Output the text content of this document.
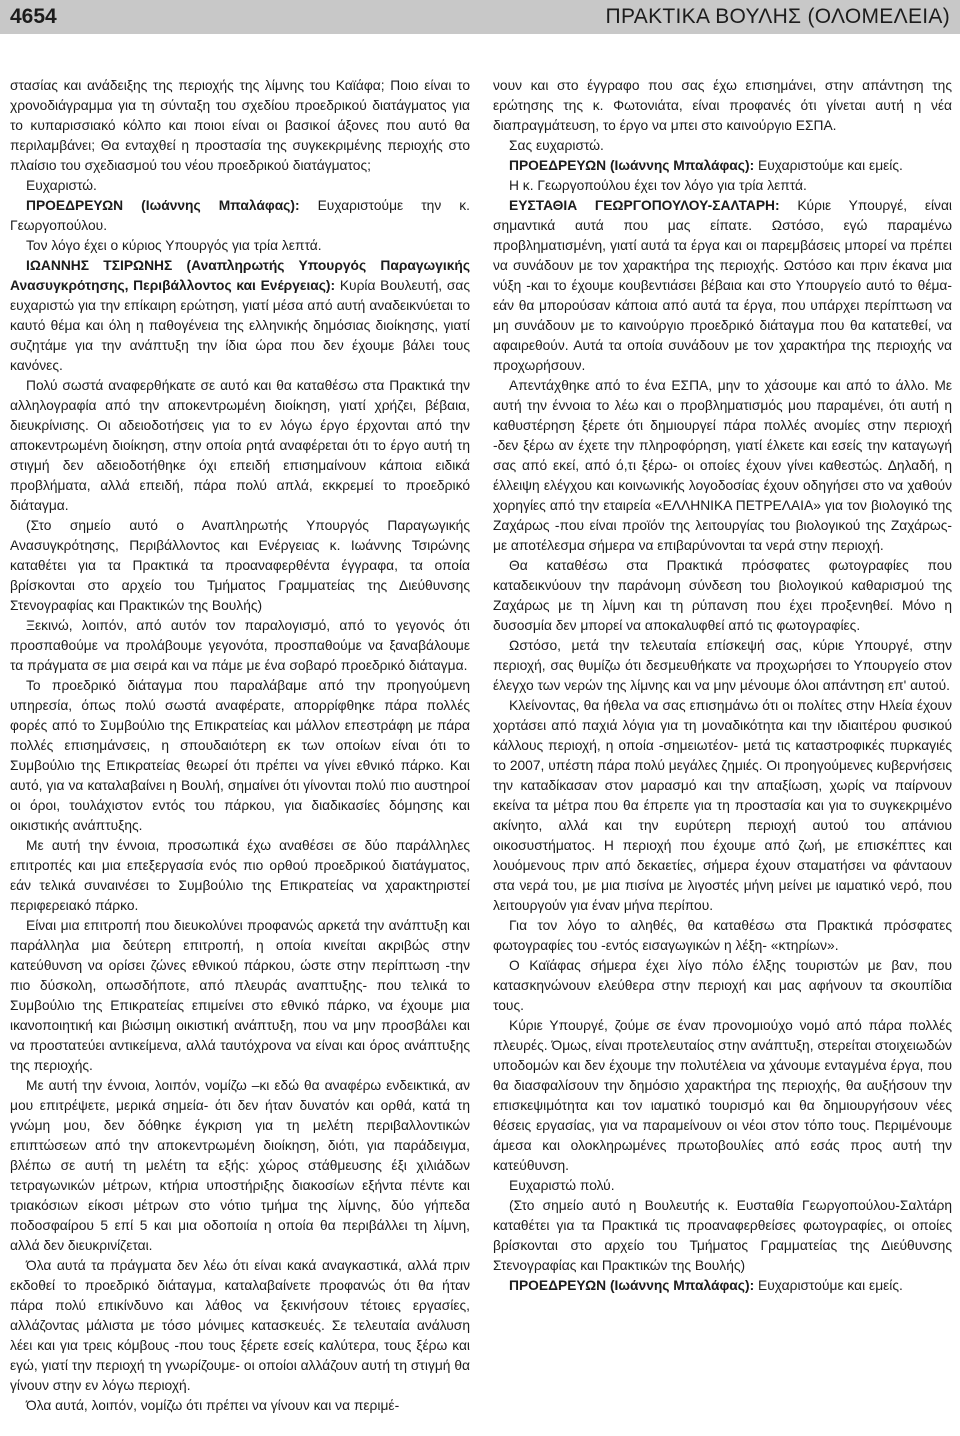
4654	ΠΡΑΚΤΙΚΑ ΒΟΥΛΗΣ (ΟΛΟΜΕΛΕΙΑ)

στασίας και ανάδειξης της περιοχής της λίμνης του Καϊάφα; Ποιο είναι το χρονοδιάγραμμα για τη σύνταξη του σχεδίου προεδρικού διατάγματος για το κυπαρισσιακό κόλπο και ποιοι είναι οι βασικοί άξονες που αυτό θα περιλαμβάνει; Θα ενταχθεί η προστασία της συγκεκριμένης περιοχής στο πλαίσιο του σχεδιασμού του νέου προεδρικού διατάγματος;

Ευχαριστώ.

ΠΡΟΕΔΡΕΥΩΝ (Ιωάννης Μπαλάφας): Ευχαριστούμε την κ. Γεωργοπούλου.

Τον λόγο έχει ο κύριος Υπουργός για τρία λεπτά.

ΙΩΑΝΝΗΣ ΤΣΙΡΩΝΗΣ (Αναπληρωτής Υπουργός Παραγωγικής Ανασυγκρότησης, Περιβάλλοντος και Ενέργειας): Κυρία Βουλευτή, σας ευχαριστώ για την επίκαιρη ερώτηση, γιατί μέσα από αυτή αναδεικνύεται το καυτό θέμα και όλη η παθογένεια της ελληνικής δημόσιας διοίκησης, γιατί συζητάμε για την ανάπτυξη την ίδια ώρα που δεν έχουμε βάλει τους κανόνες.

Πολύ σωστά αναφερθήκατε σε αυτό και θα καταθέσω στα Πρακτικά την αλληλογραφία από την αποκεντρωμένη διοίκηση, γιατί χρήζει, βέβαια, διευκρίνισης. Οι αδειοδοτήσεις για το εν λόγω έργο έρχονται από την αποκεντρωμένη διοίκηση, στην οποία ρητά αναφέρεται ότι το έργο αυτή τη στιγμή δεν αδειοδοτήθηκε όχι επειδή επισημαίνουν κάποια ειδικά προβλήματα, αλλά επειδή, πάρα πολύ απλά, εκκρεμεί το προεδρικό διάταγμα.

(Στο σημείο αυτό ο Αναπληρωτής Υπουργός Παραγωγικής Ανασυγκρότησης, Περιβάλλοντος και Ενέργειας κ. Ιωάννης Τσιρώνης καταθέτει για τα Πρακτικά τα προαναφερθέντα έγγραφα, τα οποία βρίσκονται στο αρχείο του Τμήματος Γραμματείας της Διεύθυνσης Στενογραφίας και Πρακτικών της Βουλής)

Ξεκινώ, λοιπόν, από αυτόν τον παραλογισμό, από το γεγονός ότι προσπαθούμε να προλάβουμε γεγονότα, προσπαθούμε να ξαναβάλουμε τα πράγματα σε μια σειρά και να πάμε με ένα σοβαρό προεδρικό διάταγμα.

Το προεδρικό διάταγμα που παραλάβαμε από την προηγούμενη υπηρεσία, όπως πολύ σωστά αναφέρατε, απορρίφθηκε πάρα πολλές φορές από το Συμβούλιο της Επικρατείας και μάλλον επεστράφη με πάρα πολλές επισημάνσεις, η σπουδαιότερη εκ των οποίων είναι ότι το Συμβούλιο της Επικρατείας θεωρεί ότι πρέπει να γίνει εθνικό πάρκο. Και αυτό, για να καταλαβαίνει η Βουλή, σημαίνει ότι γίνονται πολύ πιο αυστηροί οι όροι, τουλάχιστον εντός του πάρκου, για διαδικασίες δόμησης και οικιστικής ανάπτυξης.

Με αυτή την έννοια, προσωπικά έχω αναθέσει σε δύο παράλληλες επιτροπές και μια επεξεργασία ενός πιο ορθού προεδρικού διατάγματος, εάν τελικά συναινέσει το Συμβούλιο της Επικρατείας να χαρακτηριστεί περιφερειακό πάρκο.

Είναι μια επιτροπή που διευκολύνει προφανώς αρκετά την ανάπτυξη και παράλληλα μια δεύτερη επιτροπή, η οποία κινείται ακριβώς στην κατεύθυνση να ορίσει ζώνες εθνικού πάρκου, ώστε στην περίπτωση -την πιο δύσκολη, οπωσδήποτε, από πλευράς αναπτυξης- που τελικά το Συμβούλιο της Επικρατείας επιμείνει στο εθνικό πάρκο, να έχουμε μια ικανοποιητική και βιώσιμη οικιστική ανάπτυξη, που να μην προσβάλει και να προστατεύει αντικείμενα, αλλά ταυτόχρονα να είναι και όρος ανάπτυξης της περιοχής.

Με αυτή την έννοια, λοιπόν, νομίζω –κι εδώ θα αναφέρω ενδεικτικά, αν μου επιτρέψετε, μερικά σημεία- ότι δεν ήταν δυνατόν και ορθά, κατά τη γνώμη μου, δεν δόθηκε έγκριση για τη μελέτη περιβαλλοντικών επιπτώσεων από την αποκεντρωμένη διοίκηση, διότι, για παράδειγμα, βλέπω σε αυτή τη μελέτη τα εξής: χώρος στάθμευσης έξι χιλιάδων τετραγωνικών μέτρων, κτήρια υποστήριξης διακοσίων εξήντα πέντε και τριακόσιων είκοσι μέτρων στο νότιο τμήμα της λίμνης, δύο γήπεδα ποδοσφαίρου 5 επί 5 και μια οδοποιία η οποία θα περιβάλλει τη λίμνη, αλλά δεν διευκρινίζεται.

Όλα αυτά τα πράγματα δεν λέω ότι είναι κακά αναγκαστικά, αλλά πριν εκδοθεί το προεδρικό διάταγμα, καταλαβαίνετε προφανώς ότι θα ήταν πάρα πολύ επικίνδυνο και λάθος να ξεκινήσουν τέτοιες εργασίες, αλλάζοντας μάλιστα με τόσο μόνιμες κατασκευές. Σε τελευταία ανάλυση λέει και για τρεις κόμβους -που τους ξέρετε εσείς καλύτερα, τους ξέρω και εγώ, γιατί την περιοχή τη γνωρίζουμε- οι οποίοι αλλάζουν αυτή τη στιγμή θα γίνουν στην εν λόγω περιοχή.

Όλα αυτά, λοιπόν, νομίζω ότι πρέπει να γίνουν και να περιμέ-

νουν και στο έγγραφο που σας έχω επισημάνει, στην απάντηση της ερώτησης της κ. Φωτονιάτα, είναι προφανές ότι γίνεται αυτή η νέα διαπραγμάτευση, το έργο να μπει στο καινούργιο ΕΣΠΑ.

Σας ευχαριστώ.

ΠΡΟΕΔΡΕΥΩΝ (Ιωάννης Μπαλάφας): Ευχαριστούμε και εμείς.

Η κ. Γεωργοπούλου έχει τον λόγο για τρία λεπτά.

ΕΥΣΤΑΘΙΑ ΓΕΩΡΓΟΠΟΥΛΟΥ-ΣΑΛΤΑΡΗ: Κύριε Υπουργέ, είναι σημαντικά αυτά που μας είπατε. Ωστόσο, εγώ παραμένω προβληματισμένη, γιατί αυτά τα έργα και οι παρεμβάσεις μπορεί να πρέπει να συνάδουν με τον χαρακτήρα της περιοχής. Ωστόσο και πριν έκανα μια νύξη -και το έχουμε κουβεντιάσει βέβαια και στο Υπουργείο αυτό το θέμα- εάν θα μπορούσαν κάποια από αυτά τα έργα, που υπάρχει περίπτωση να μη συνάδουν με το καινούργιο προεδρικό διάταγμα που θα κατατεθεί, να αφαιρεθούν. Αυτά τα οποία συνάδουν με τον χαρακτήρα της περιοχής να προχωρήσουν.

Απεντάχθηκε από το ένα ΕΣΠΑ, μην το χάσουμε και από το άλλο. Με αυτή την έννοια το λέω και ο προβληματισμός μου παραμένει, ότι αυτή η καθυστέρηση ξέρετε ότι δημιουργεί πάρα πολλές ανομίες στην περιοχή -δεν ξέρω αν έχετε την πληροφόρηση, γιατί έλκετε και εσείς την καταγωγή σας από εκεί, από ό,τι ξέρω- οι οποίες έχουν γίνει καθεστώς. Δηλαδή, η έλλειψη ελέγχου και κοινωνικής λογοδοσίας έχουν οδηγήσει στο να χαθούν χορηγίες από την εταιρεία «ΕΛΛΗΝΙΚΑ ΠΕΤΡΕΛΑΙΑ» για τον βιολογικό της Ζαχάρως -που είναι προϊόν της λειτουργίας του βιολογικού της Ζαχάρως- με αποτέλεσμα σήμερα να επιβαρύνονται τα νερά στην περιοχή.

Θα καταθέσω στα Πρακτικά πρόσφατες φωτογραφίες που καταδεικνύουν την παράνομη σύνδεση του βιολογικού καθαρισμού της Ζαχάρως με τη λίμνη και τη ρύπανση που έχει προξενηθεί. Μόνο η δυσοσμία δεν μπορεί να αποκαλυφθεί από τις φωτογραφίες.

Ωστόσο, μετά την τελευταία επίσκεψή σας, κύριε Υπουργέ, στην περιοχή, σας θυμίζω ότι δεσμευθήκατε να προχωρήσει το Υπουργείο στον έλεγχο των νερών της λίμνης και να μην μένουμε όλοι απάντηση επ' αυτού.

Κλείνοντας, θα ήθελα να σας επισημάνω ότι οι πολίτες στην Ηλεία έχουν χορτάσει από παχιά λόγια για τη μοναδικότητα και την ιδιαιτέρου φυσικού κάλλους περιοχή, η οποία -σημειωτέον- μετά τις καταστροφικές πυρκαγιές το 2007, υπέστη πάρα πολύ μεγάλες ζημιές. Οι προηγούμενες κυβερνήσεις την καταδίκασαν στον μαρασμό και την απαξίωση, χωρίς να παίρνουν εκείνα τα μέτρα που θα έπρεπε για τη προστασία και για το συγκεκριμένο ακίνητο, αλλά και την ευρύτερη περιοχή αυτού του απάνιου οικοσυστήματος. Η περιοχή που έχουμε από ζωή, με επισκέπτες και λουόμενους πριν από δεκαετίες, σήμερα έχουν σταματήσει να φάνταουν στα νερά του, με μια πισίνα με λιγοστές μήνη μείνει με ιαματικό νερό, που λειτουργούν για έναν μήνα περίπου.

Για τον λόγο το αληθές, θα καταθέσω στα Πρακτικά πρόσφατες φωτογραφίες του -εντός εισαγωγικών η λέξη- «κτηρίων».

Ο Καϊάφας σήμερα έχει λίγο πόλο έλξης τουριστών με βαν, που κατασκηνώνουν ελεύθερα στην περιοχή και μας αφήνουν τα σκουπίδια τους.

Κύριε Υπουργέ, ζούμε σε έναν προνομιούχο νομό από πάρα πολλές πλευρές. Όμως, είναι προτελευταίος στην ανάπτυξη, στερείται στοιχειωδών υποδομών και δεν έχουμε την πολυτέλεια να χάνουμε ενταγμένα έργα, που θα διασφαλίσουν την δημόσιο χαρακτήρα της περιοχής, θα αυξήσουν την επισκεψιμότητα και τον ιαματικό τουρισμό και θα δημιουργήσουν νέες θέσεις εργασίας, για να παραμείνουν οι νέοι στον τόπο τους. Περιμένουμε άμεσα και ολοκληρωμένες πρωτοβουλίες από εσάς προς αυτή την κατεύθυνση.

Ευχαριστώ πολύ.

(Στο σημείο αυτό η Βουλευτής κ. Ευσταθία Γεωργοπούλου-Σαλτάρη καταθέτει για τα Πρακτικά τις προαναφερθείσες φωτογραφίες, οι οποίες βρίσκονται στο αρχείο του Τμήματος Γραμματείας της Διεύθυνσης Στενογραφίας και Πρακτικών της Βουλής)

ΠΡΟΕΔΡΕΥΩΝ (Ιωάννης Μπαλάφας): Ευχαριστούμε και εμείς.
